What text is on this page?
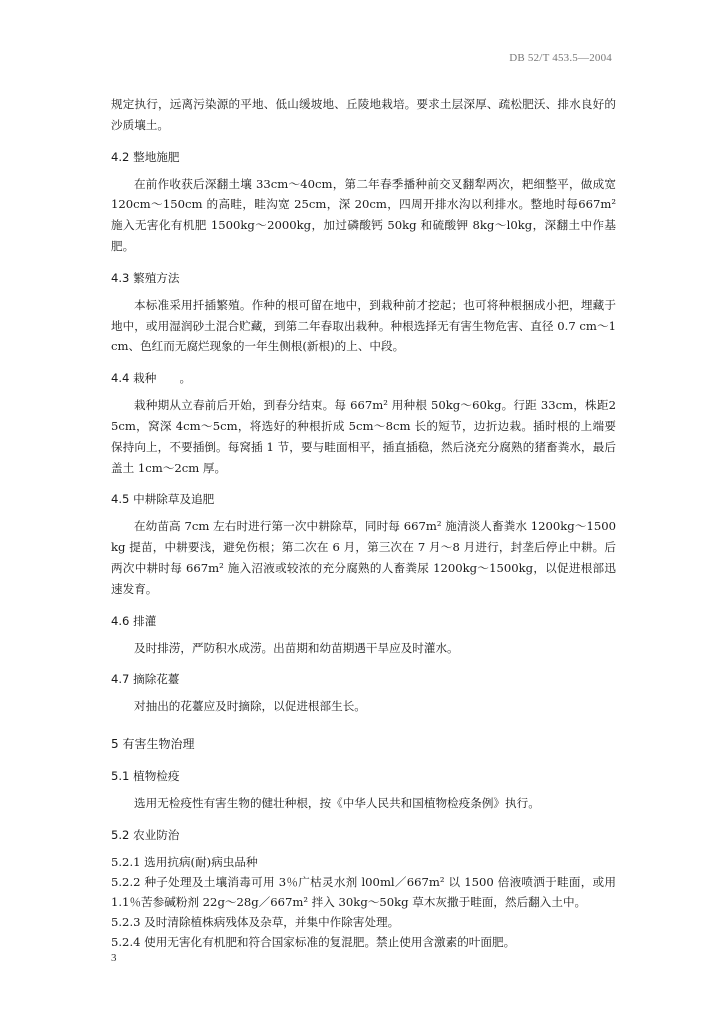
DB 52/T 453.5—2004

规定执行，远离污染源的平地、低山缓坡地、丘陵地栽培。要求土层深厚、疏松肥沃、排水良好的沙质壤土。

4.2 整地施肥

在前作收获后深翻土壤 33cm～40cm，第二年春季播种前交叉翻犁两次，耙细整平，做成宽 120cm～150cm 的高畦，畦沟宽 25cm，深 20cm，四周开排水沟以利排水。整地时每667m² 施入无害化有机肥 1500kg～2000kg，加过磷酸钙 50kg 和硫酸钾 8kg～l0kg，深翻土中作基肥。

4.3 繁殖方法

本标准采用扦插繁殖。作种的根可留在地中，到栽种前才挖起；也可将种根捆成小把，埋藏于地中，或用湿润砂土混合贮藏，到第二年春取出栽种。种根选择无有害生物危害、直径 0.7 cm～1cm、色红而无腐烂现象的一年生侧根(新根)的上、中段。

4.4 栽种　　。

栽种期从立春前后开始，到春分结束。每 667m² 用种根 50kg～60kg。行距 33cm，株距25cm，窝深 4cm～5cm，将选好的种根折成 5cm～8cm 长的短节，边折边栽。插时根的上端要保持向上，不要插倒。每窝插 1 节，要与畦面相平，插直插稳，然后浇充分腐熟的猪畜粪水，最后盖土 1cm～2cm 厚。

4.5 中耕除草及追肥

在幼苗高 7cm 左右时进行第一次中耕除草，同时每 667m² 施清淡人畜粪水 1200kg～1500 kg 提苗，中耕要浅，避免伤根；第二次在 6 月，第三次在 7 月～8 月进行，封垄后停止中耕。后两次中耕时每 667m² 施入沼液或较浓的充分腐熟的人畜粪尿 1200kg～1500kg，以促进根部迅速发育。

4.6 排灌

及时排涝，严防积水成涝。出苗期和幼苗期遇干旱应及时灌水。

4.7 摘除花薹

对抽出的花薹应及时摘除，以促进根部生长。

5 有害生物治理
5.1 植物检疫

选用无检疫性有害生物的健壮种根，按《中华人民共和国植物检疫条例》执行。

5.2 农业防治

5.2.1 选用抗病(耐)病虫品种

5.2.2 种子处理及土壤消毒可用 3％广枯灵水剂 l00ml／667m² 以 1500 倍液喷洒于畦面，或用 1.1％苦参碱粉剂 22g～28g／667m² 拌入 30kg～50kg 草木灰撒于畦面，然后翻入土中。

5.2.3 及时清除植株病残体及杂草，并集中作除害处理。

5.2.4 使用无害化有机肥和符合国家标准的复混肥。禁止使用含激素的叶面肥。

3
